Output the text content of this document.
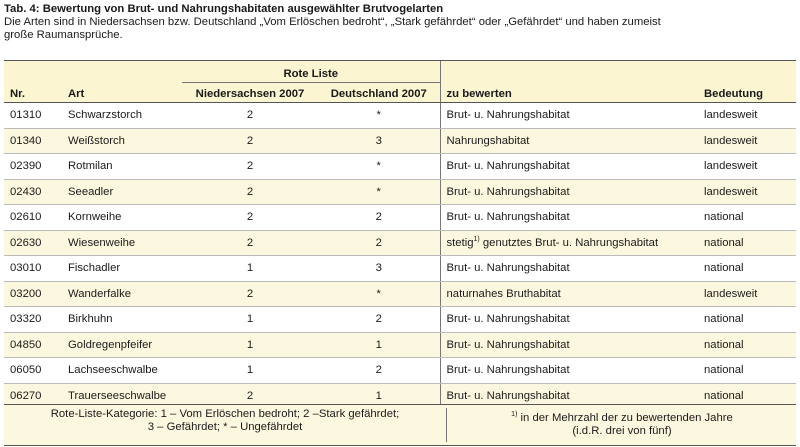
Tab. 4: Bewertung von Brut- und Nahrungshabitaten ausgewählter Brutvogelarten
Die Arten sind in Niedersachsen bzw. Deutschland „Vom Erlöschen bedroht“, „Stark gefährdet“ oder „Gefährdet“ und haben zumeist
große Raumansprüche.
		Rote Liste			
Nr.	Art	Niedersachsen 2007	Deutschland 2007	zu bewerten	Bedeutung
01310	Schwarzstorch	2	*	Brut- u. Nahrungshabitat	landesweit
01340	Weißstorch	2	3	Nahrungshabitat	landesweit
02390	Rotmilan	2	*	Brut- u. Nahrungshabitat	landesweit
02430	Seeadler	2	*	Brut- u. Nahrungshabitat	landesweit
02610	Kornweihe	2	2	Brut- u. Nahrungshabitat	national
02630	Wiesenweihe	2	2	stetig$^{1)}$ genutztes Brut- u. Nahrungshabitat	national
03010	Fischadler	1	3	Brut- u. Nahrungshabitat	national
03200	Wanderfalke	2	*	naturnahes Bruthabitat	landesweit
03320	Birkhuhn	1	2	Brut- u. Nahrungshabitat	national
04850	Goldregenpfeifer	1	1	Brut- u. Nahrungshabitat	national
06050	Lachseeschwalbe	1	2	Brut- u. Nahrungshabitat	national
06270	Trauerseeschwalbe	2	1	Brut- u. Nahrungshabitat	national
Rote-Liste-Kategorie: 1 – Vom Erlöschen bedroht; 2 –Stark gefährdet;
3 – Gefährdet; * – Ungefährdet
$^{1)}$ in der Mehrzahl der zu bewertenden Jahre
(i.d.R. drei von fünf)
